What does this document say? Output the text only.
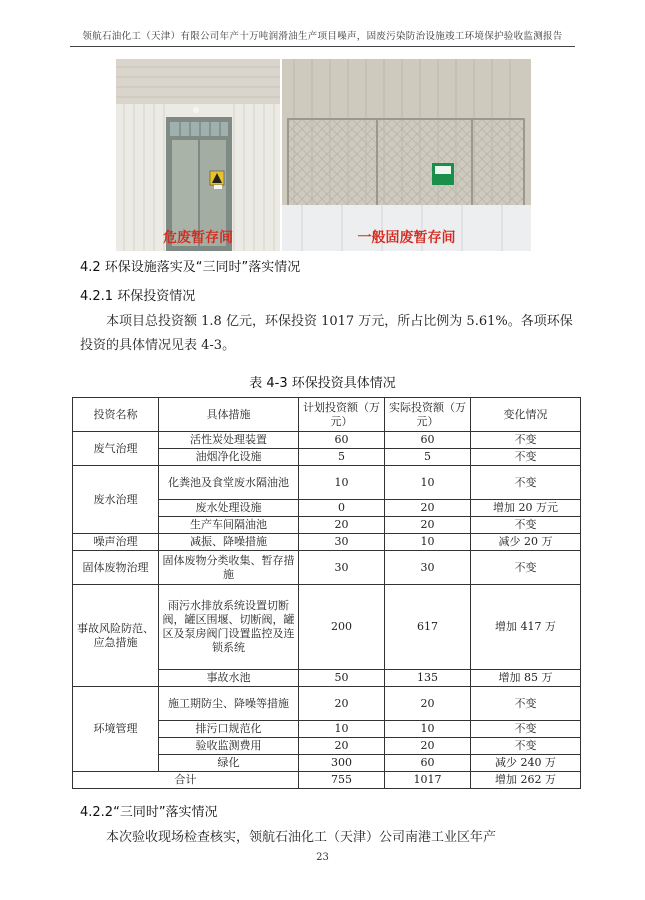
领航石油化工（天津）有限公司年产十万吨润滑油生产项目噪声，固废污染防治设施竣工环境保护验收监测报告
危废暂存间	一般固废暂存间
4.2 环保设施落实及“三同时”落实情况
4.2.1 环保投资情况
本项目总投资额 1.8 亿元，环保投资 1017 万元，所占比例为 5.61%。各项环保投资的具体情况见表 4-3。
表 4-3 环保投资具体情况
投资名称	具体措施	计划投资额（万元）	实际投资额（万元）	变化情况
废气治理	活性炭处理装置	60	60	不变
	油烟净化设施	5	5	不变
废水治理	化粪池及食堂废水隔油池	10	10	不变
	废水处理设施	0	20	增加 20 万元
	生产车间隔油池	20	20	不变
噪声治理	减振、降噪措施	30	10	减少 20 万
固体废物治理	固体废物分类收集、暂存措施	30	30	不变
事故风险防范、应急措施	雨污水排放系统设置切断阀，罐区围堰、切断阀，罐区及泵房阀门设置监控及连锁系统	200	617	增加 417 万
	事故水池	50	135	增加 85 万
环境管理	施工期防尘、降噪等措施	20	20	不变
	排污口规范化	10	10	不变
	验收监测费用	20	20	不变
	绿化	300	60	减少 240 万
合计		755	1017	增加 262 万
4.2.2“三同时”落实情况
本次验收现场检查核实，领航石油化工（天津）公司南港工业区年产
23
